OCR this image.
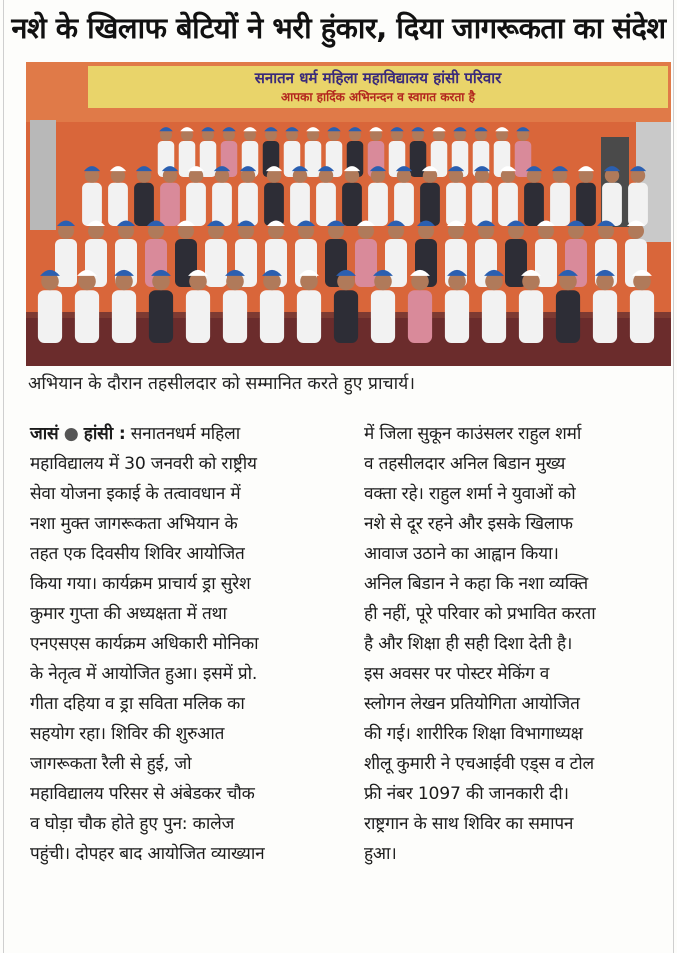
नशे के खिलाफ बेटियों ने भरी हुंकार, दिया जागरूकता का संदेश
सनातन धर्म महिला महाविद्यालय हांसी परिवार
आपका हार्दिक अभिनन्दन व स्वागत करता है
अभियान के दौरान तहसीलदार को सम्मानित करते हुए प्राचार्य।
जासं ● हांसी : सनातनधर्म महिला
महाविद्यालय में 30 जनवरी को राष्ट्रीय
सेवा योजना इकाई के तत्वावधान में
नशा मुक्त जागरूकता अभियान के
तहत एक दिवसीय शिविर आयोजित
किया गया। कार्यक्रम प्राचार्य ड्रा सुरेश
कुमार गुप्ता की अध्यक्षता में तथा
एनएसएस कार्यक्रम अधिकारी मोनिका
के नेतृत्व में आयोजित हुआ। इसमें प्रो.
गीता दहिया व ड्रा सविता मलिक का
सहयोग रहा। शिविर की शुरुआत
जागरूकता रैली से हुई, जो
महाविद्यालय परिसर से अंबेडकर चौक
व घोड़ा चौक होते हुए पुन: कालेज
पहुंची। दोपहर बाद आयोजित व्याख्यान
में जिला सुकून काउंसलर राहुल शर्मा
व तहसीलदार अनिल बिडान मुख्य
वक्ता रहे। राहुल शर्मा ने युवाओं को
नशे से दूर रहने और इसके खिलाफ
आवाज उठाने का आह्वान किया।
अनिल बिडान ने कहा कि नशा व्यक्ति
ही नहीं, पूरे परिवार को प्रभावित करता
है और शिक्षा ही सही दिशा देती है।
इस अवसर पर पोस्टर मेकिंग व
स्लोगन लेखन प्रतियोगिता आयोजित
की गई। शारीरिक शिक्षा विभागाध्यक्ष
शीलू कुमारी ने एचआईवी एड्स व टोल
फ्री नंबर 1097 की जानकारी दी।
राष्ट्रगान के साथ शिविर का समापन
हुआ।
